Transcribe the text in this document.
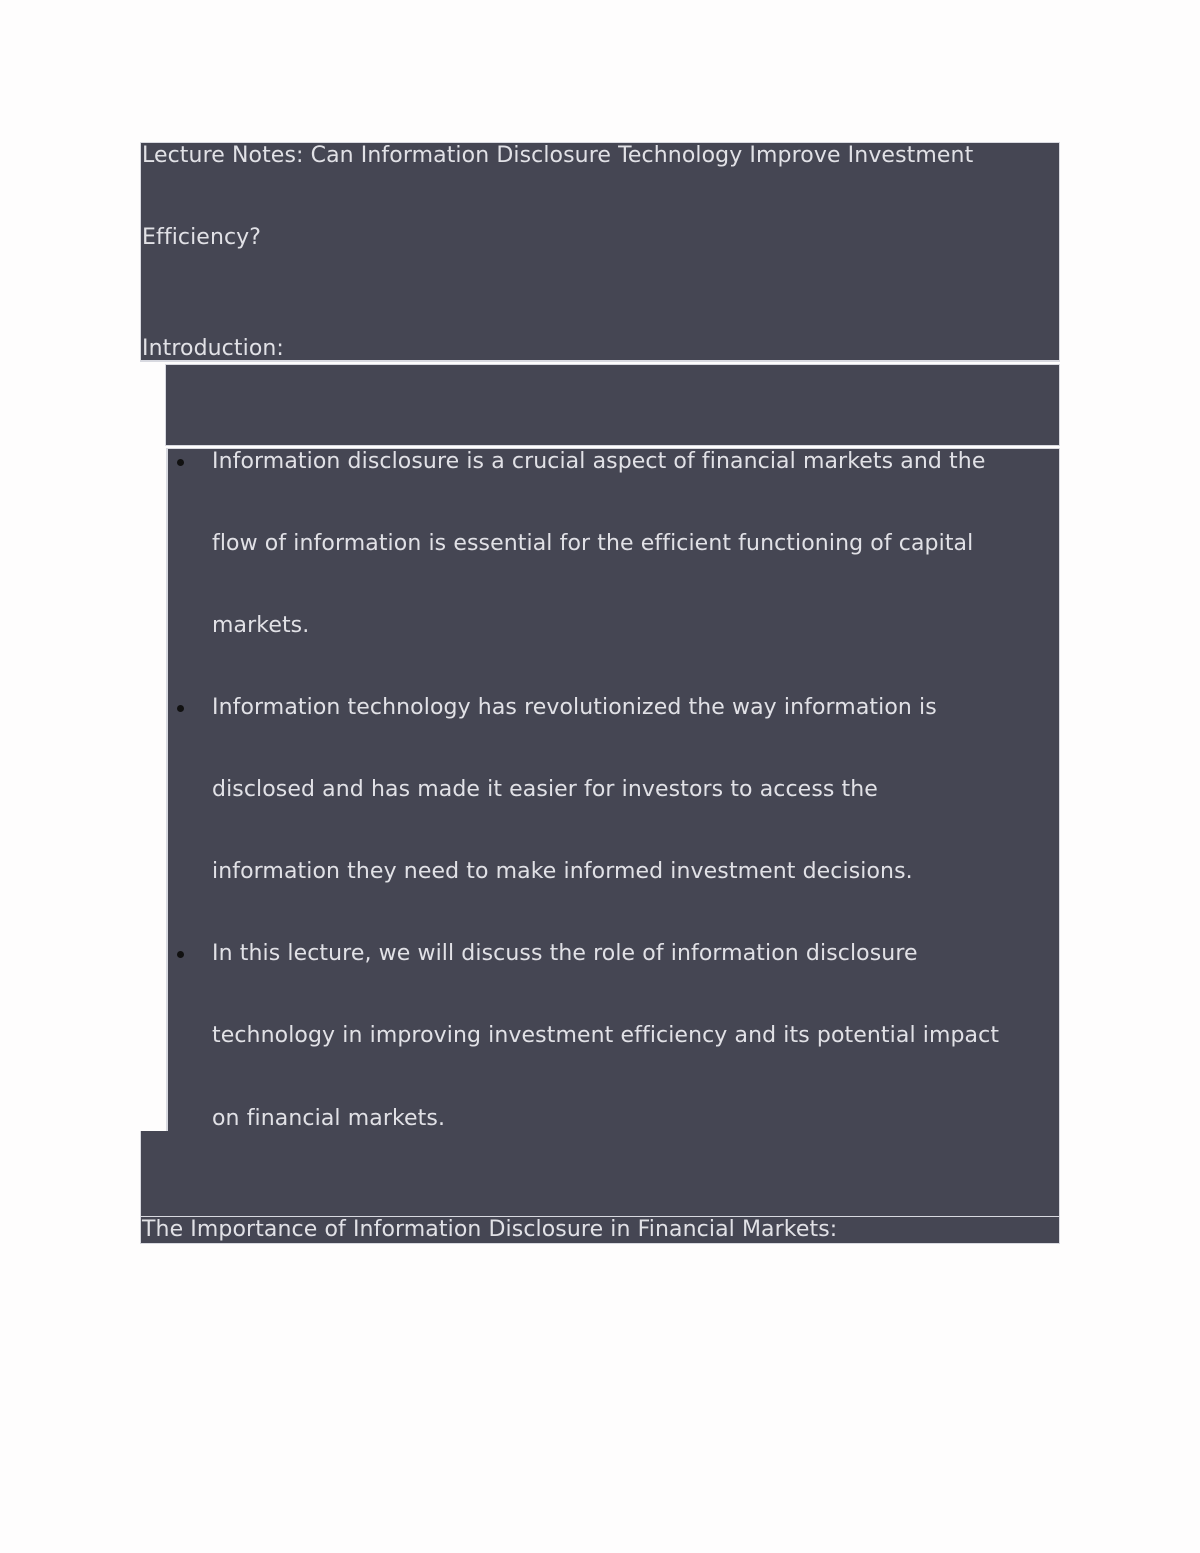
Lecture Notes: Can Information Disclosure Technology Improve Investment
Efficiency?
Introduction:
Information disclosure is a crucial aspect of financial markets and the
flow of information is essential for the efficient functioning of capital
markets.
Information technology has revolutionized the way information is
disclosed and has made it easier for investors to access the
information they need to make informed investment decisions.
In this lecture, we will discuss the role of information disclosure
technology in improving investment efficiency and its potential impact
on financial markets.
The Importance of Information Disclosure in Financial Markets:
